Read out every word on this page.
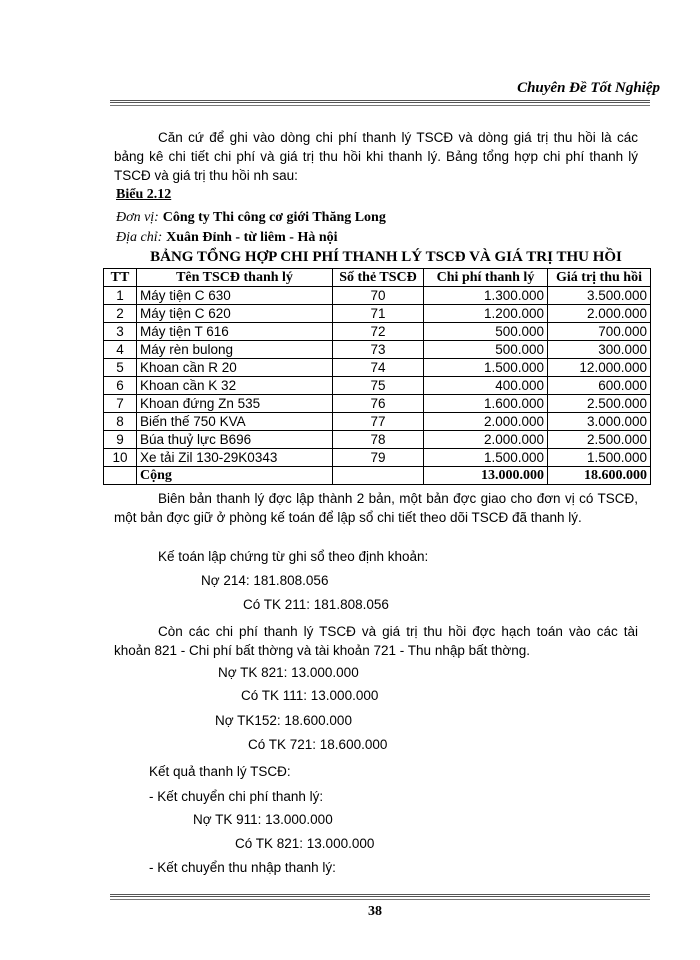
Chuyên Đề Tốt Nghiệp
Căn cứ để ghi vào dòng chi phí thanh lý TSCĐ và dòng giá trị thu hồi là các bảng kê chi tiết chi phí và giá trị thu hồi khi thanh lý. Bảng tổng hợp chi phí thanh lý TSCĐ và giá trị thu hồi nh sau:
Biểu 2.12
Đơn vị: Công ty Thi công cơ giới Thăng Long
Địa chỉ: Xuân Đỉnh - từ liêm - Hà nội
BẢNG TỔNG HỢP CHI PHÍ THANH LÝ TSCĐ VÀ GIÁ TRỊ THU HỒI
TT	Tên TSCĐ thanh lý	Số thẻ TSCĐ	Chi phí thanh lý	Giá trị thu hồi
1	Máy tiện C 630	70	1.300.000	3.500.000
2	Máy tiện C 620	71	1.200.000	2.000.000
3	Máy tiện T 616	72	500.000	700.000
4	Máy rèn bulong	73	500.000	300.000
5	Khoan cần R 20	74	1.500.000	12.000.000
6	Khoan cần K 32	75	400.000	600.000
7	Khoan đứng Zn 535	76	1.600.000	2.500.000
8	Biến thế 750 KVA	77	2.000.000	3.000.000
9	Búa thuỷ lực B696	78	2.000.000	2.500.000
10	Xe tải Zil 130-29K0343	79	1.500.000	1.500.000
	Cộng		13.000.000	18.600.000
Biên bản thanh lý đợc lập thành 2 bản, một bản đợc giao cho đơn vị có TSCĐ, một bản đợc giữ ở phòng kế toán để lập sổ chi tiết theo dõi TSCĐ đã thanh lý.
Kế toán lập chứng từ ghi sổ theo định khoản:
Nợ 214: 181.808.056
Có TK 211: 181.808.056
Còn các chi phí thanh lý TSCĐ và giá trị thu hồi đợc hạch toán vào các tài khoản 821 - Chi phí bất thờng và tài khoản 721 - Thu nhập bất thờng.
Nợ TK 821: 13.000.000
Có TK 111: 13.000.000
Nợ TK152: 18.600.000
Có TK 721: 18.600.000
Kết quả thanh lý TSCĐ:
- Kết chuyển chi phí thanh lý:
Nợ TK 911: 13.000.000
Có TK 821: 13.000.000
- Kết chuyển thu nhập thanh lý:
38
